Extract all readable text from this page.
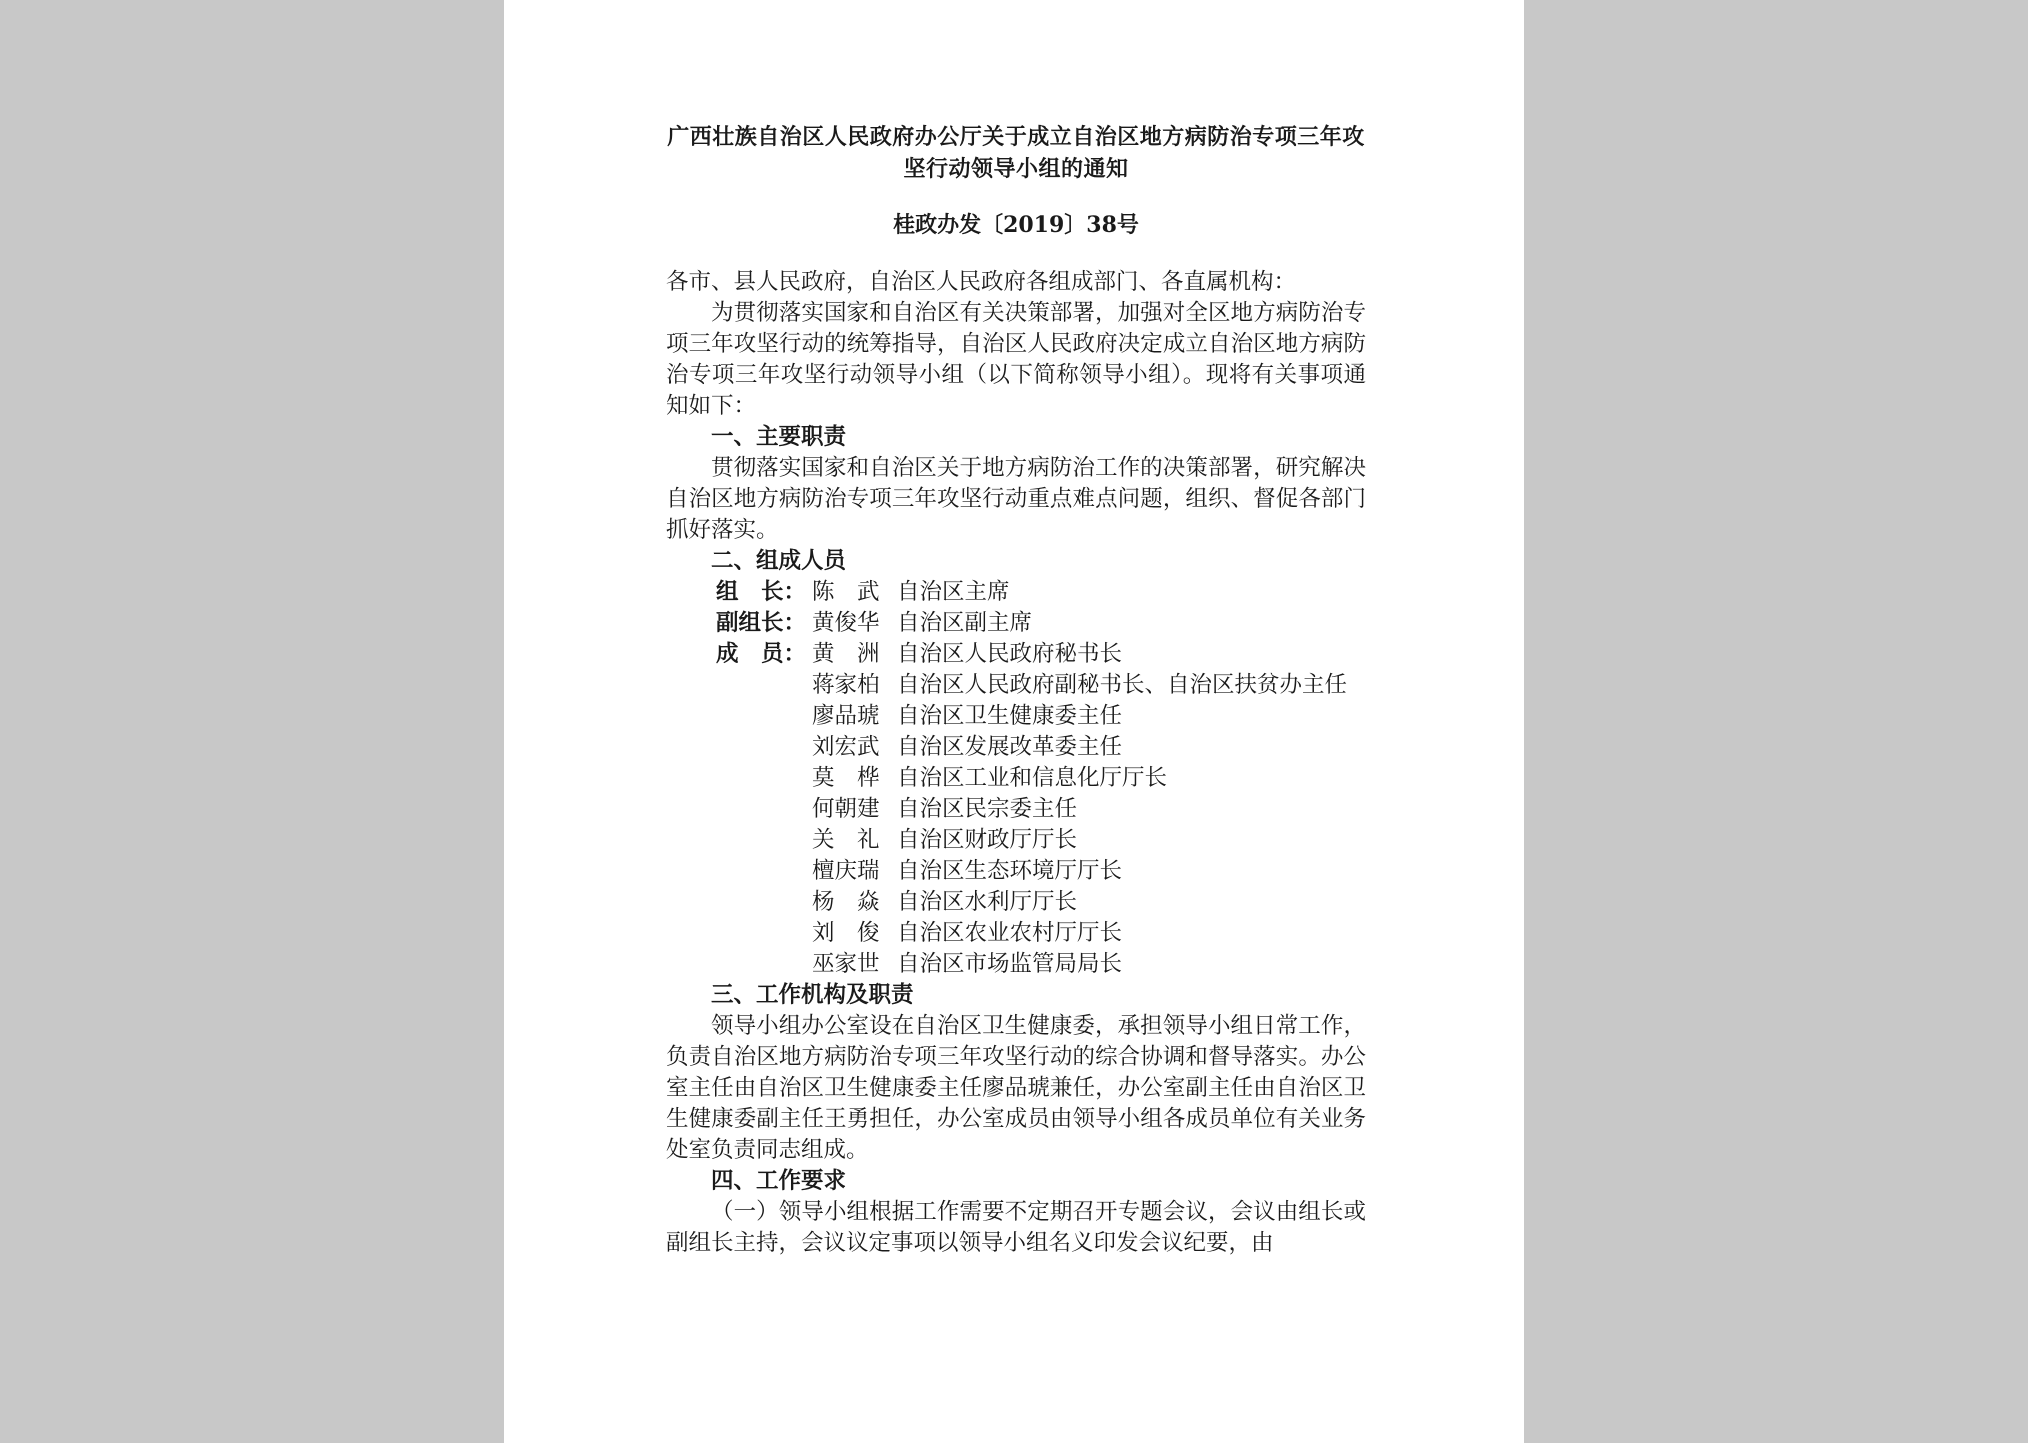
广西壮族自治区人民政府办公厅关于成立自治区地方病防治专项三年攻坚行动领导小组的通知

桂政办发〔2019〕38号

各市、县人民政府，自治区人民政府各组成部门、各直属机构：

为贯彻落实国家和自治区有关决策部署，加强对全区地方病防治专项三年攻坚行动的统筹指导，自治区人民政府决定成立自治区地方病防治专项三年攻坚行动领导小组（以下简称领导小组）。现将有关事项通知如下：

一、主要职责

贯彻落实国家和自治区关于地方病防治工作的决策部署，研究解决自治区地方病防治专项三年攻坚行动重点难点问题，组织、督促各部门抓好落实。

二、组成人员

组　长： 陈　武 自治区主席
副组长： 黄俊华 自治区副主席
成　员： 黄　洲 自治区人民政府秘书长
蒋家柏 自治区人民政府副秘书长、自治区扶贫办主任
廖品琥 自治区卫生健康委主任
刘宏武 自治区发展改革委主任
莫　桦 自治区工业和信息化厅厅长
何朝建 自治区民宗委主任
关　礼 自治区财政厅厅长
檀庆瑞 自治区生态环境厅厅长
杨　焱 自治区水利厅厅长
刘　俊 自治区农业农村厅厅长
巫家世 自治区市场监管局局长

三、工作机构及职责

领导小组办公室设在自治区卫生健康委，承担领导小组日常工作，负责自治区地方病防治专项三年攻坚行动的综合协调和督导落实。办公室主任由自治区卫生健康委主任廖品琥兼任，办公室副主任由自治区卫生健康委副主任王勇担任，办公室成员由领导小组各成员单位有关业务处室负责同志组成。

四、工作要求

（一）领导小组根据工作需要不定期召开专题会议，会议由组长或副组长主持，会议议定事项以领导小组名义印发会议纪要，由
